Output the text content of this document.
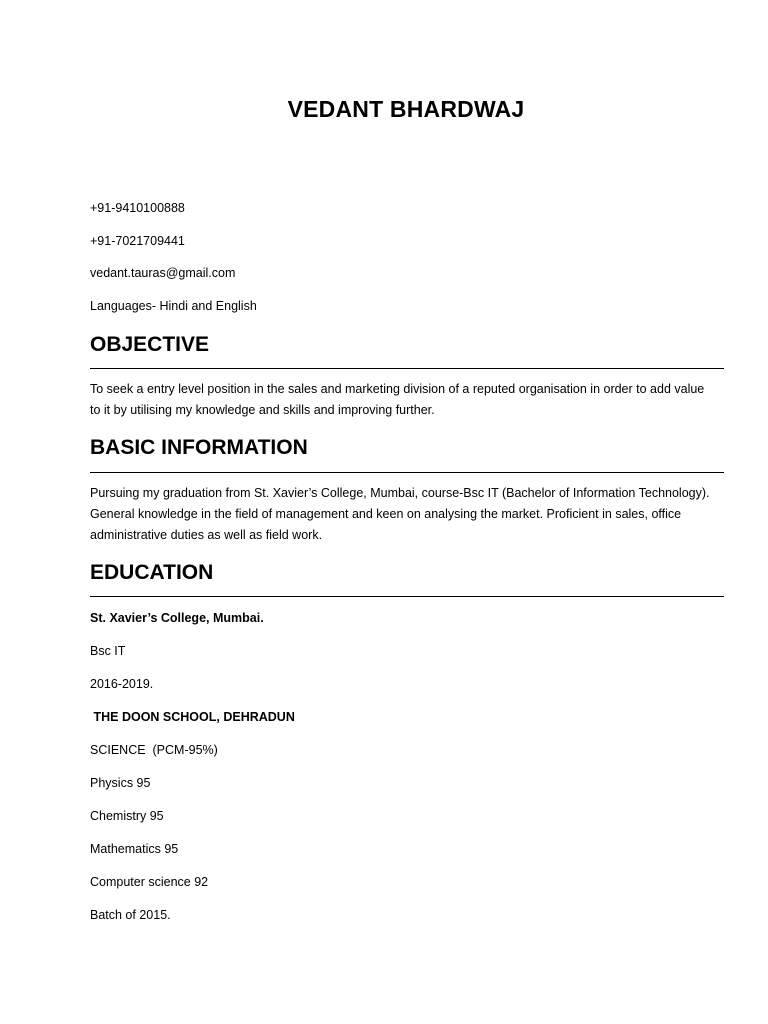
VEDANT BHARDWAJ
+91-9410100888
+91-7021709441
vedant.tauras@gmail.com
Languages- Hindi and English
OBJECTIVE
To seek a entry level position in the sales and marketing division of a reputed organisation in order to add value
to it by utilising my knowledge and skills and improving further.
BASIC INFORMATION
Pursuing my graduation from St. Xavier’s College, Mumbai, course-Bsc IT (Bachelor of Information Technology).
General knowledge in the field of management and keen on analysing the market. Proficient in sales, office
administrative duties as well as field work.
EDUCATION
St. Xavier’s College, Mumbai.
Bsc IT
2016-2019.
THE DOON SCHOOL, DEHRADUN
SCIENCE  (PCM-95%)
Physics 95
Chemistry 95
Mathematics 95
Computer science 92
Batch of 2015.
